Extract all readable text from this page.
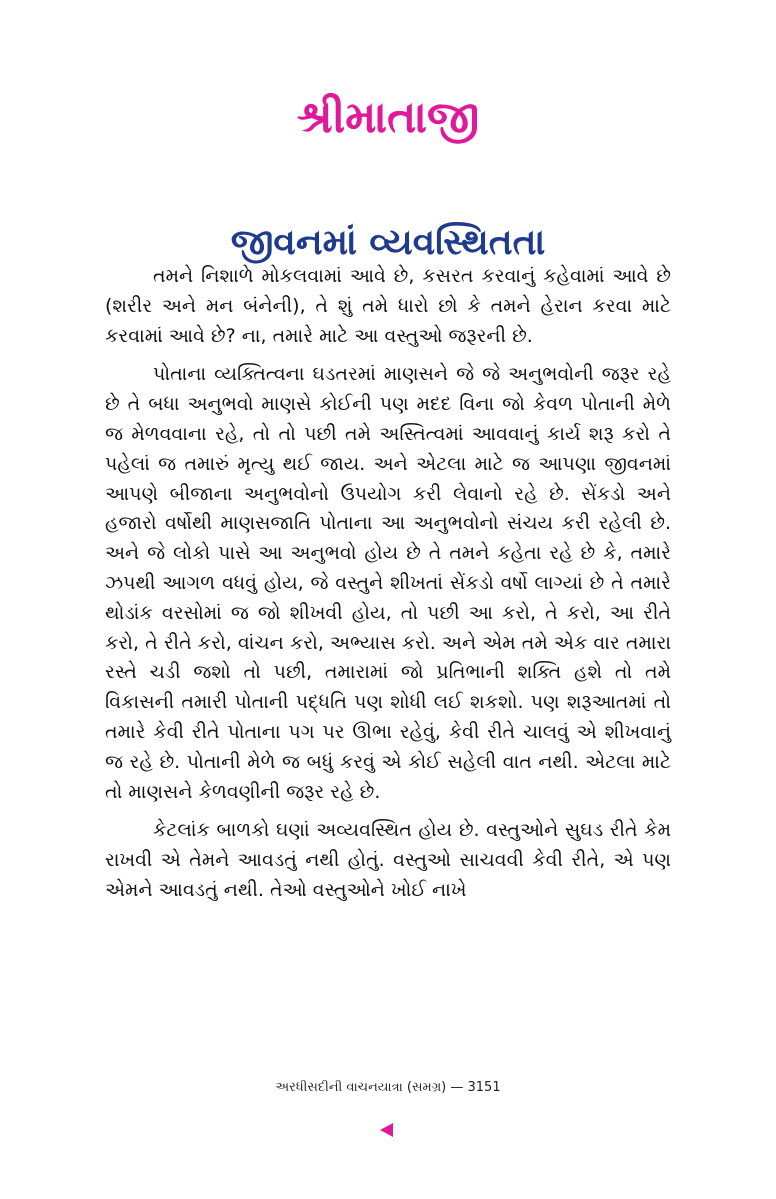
શ્રીમાતાજી
જીવનમાં વ્યવસ્થિતતા

તમને નિશાળે મોકલવામાં આવે છે, કસરત કરવાનું કહેવામાં આવે છે (શરીર અને મન બંનેની), તે શું તમે ધારો છો કે તમને હેરાન કરવા માટે કરવામાં આવે છે? ના, તમારે માટે આ વસ્તુઓ જરૂરની છે.

પોતાના વ્યક્તિત્વના ઘડતરમાં માણસને જે જે અનુભવોની જરૂર રહે છે તે બધા અનુભવો માણસે કોઈની પણ મદદ વિના જો કેવળ પોતાની મેળે જ મેળવવાના રહે, તો તો પછી તમે અસ્તિત્વમાં આવવાનું કાર્ય શરૂ કરો તે પહેલાં જ તમારું મૃત્યુ થઈ જાય. અને એટલા માટે જ આપણા જીવનમાં આપણે બીજાના અનુભવોનો ઉપયોગ કરી લેવાનો રહે છે. સેંકડો અને હજારો વર્ષોથી માણસજાતિ પોતાના આ અનુભવોનો સંચય કરી રહેલી છે. અને જે લોકો પાસે આ અનુભવો હોય છે તે તમને કહેતા રહે છે કે, તમારે ઝપથી આગળ વધવું હોય, જે વસ્તુને શીખતાં સેંકડો વર્ષો લાગ્યાં છે તે તમારે થોડાંક વરસોમાં જ જો શીખવી હોય, તો પછી આ કરો, તે કરો, આ રીતે કરો, તે રીતે કરો, વાંચન કરો, અભ્યાસ કરો. અને એમ તમે એક વાર તમારા રસ્તે ચડી જશો તો પછી, તમારામાં જો પ્રતિભાની શક્તિ હશે તો તમે વિકાસની તમારી પોતાની પદ્ધતિ પણ શોધી લઈ શકશો. પણ શરૂઆતમાં તો તમારે કેવી રીતે પોતાના પગ પર ઊભા રહેવું, કેવી રીતે ચાલવું એ શીખવાનું જ રહે છે. પોતાની મેળે જ બધું કરવું એ કોઈ સહેલી વાત નથી. એટલા માટે તો માણસને કેળવણીની જરૂર રહે છે.

કેટલાંક બાળકો ઘણાં અવ્યવસ્થિત હોય છે. વસ્તુઓને સુઘડ રીતે કેમ રાખવી એ તેમને આવડતું નથી હોતું. વસ્તુઓ સાચવવી કેવી રીતે, એ પણ એમને આવડતું નથી. તેઓ વસ્તુઓને ખોઈ નાખે

અરધીસદીની વાચનયાત્રા (સમગ્ર) — 3151
